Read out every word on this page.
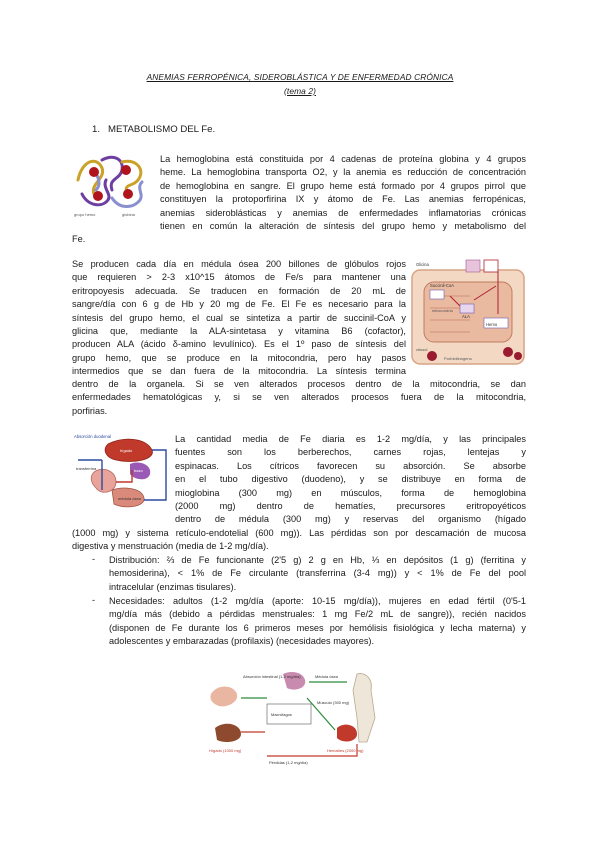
ANEMIAS FERROPÉNICA, SIDEROBLÁSTICA Y DE ENFERMEDAD CRÓNICA
(tema 2)
1. METABOLISMO DEL Fe.
grupo hemo	globina
La hemoglobina está constituida por 4 cadenas de proteína globina y 4 grupos
heme. La hemoglobina transporta O2, y la anemia es reducción de concentración
de hemoglobina en sangre. El grupo heme está formado por 4 grupos pirrol que
constituyen la protoporfirina IX y átomo de Fe. Las anemias ferropénicas,
anemias sideroblásticas y anemias de enfermedades inflamatorias crónicas
tienen en común la alteración de síntesis del grupo hemo y metabolismo del
Fe.
Glicina
Succinil-CoA
ALA
Hemo
mitocondria
citosol
Porfobilinógeno
Se producen cada día en médula ósea 200 billones de glóbulos rojos
que requieren > 2-3 x10^15 átomos de Fe/s para mantener una
eritropoyesis adecuada. Se traducen en formación de 20 mL de
sangre/día con 6 g de Hb y 20 mg de Fe. El Fe es necesario para la
síntesis del grupo hemo, el cual se sintetiza a partir de succinil-CoA y
glicina que, mediante la ALA-sintetasa y vitamina B6 (cofactor),
producen ALA (ácido δ-amino levulínico). Es el 1º paso de síntesis del
grupo hemo, que se produce en la mitocondria, pero hay pasos
intermedios que se dan fuera de la mitocondria. La síntesis termina
dentro de la organela. Si se ven alterados procesos dentro de la mitocondria, se dan
enfermedades hematológicas y, si se ven alterados procesos fuera de la mitocondria,
porfirias.
Absorción duodenal
hígado
bazo
médula ósea
transferrina
La cantidad media de Fe diaria es 1-2 mg/día, y las principales
fuentes son los berberechos, carnes rojas, lentejas y
espinacas. Los cítricos favorecen su absorción. Se absorbe
en el tubo digestivo (duodeno), y se distribuye en forma de
mioglobina (300 mg) en músculos, forma de hemoglobina
(2000 mg) dentro de hematíes, precursores eritropoyéticos
dentro de médula (300 mg) y reservas del organismo (hígado
(1000 mg) y sistema retículo-endotelial (600 mg)). Las pérdidas son por descamación de mucosa
digestiva y menstruación (media de 1-2 mg/día).
- Distribución: ⅔ de Fe funcionante (2'5 g) 2 g en Hb, ⅓ en depósitos (1 g) (ferritina y
hemosiderina), < 1% de Fe circulante (transferrina (3-4 mg)) y < 1% de Fe del pool
intracelular (enzimas tisulares).
- Necesidades: adultos (1-2 mg/día (aporte: 10-15 mg/día)), mujeres en edad fértil (0'5-1
mg/día más (debido a pérdidas menstruales: 1 mg Fe/2 mL de sangre)), recién nacidos
(disponen de Fe durante los 6 primeros meses por hemólisis fisiológica y lecha materna) y
adolescentes y embarazadas (profilaxis) (necesidades mayores).
Absorción intestinal (1-2 mg/día)
Hígado (1000 mg)
Médula ósea
Músculo (300 mg)
Macrófagos
Hematíes (2000 mg)
Pérdidas (1-2 mg/día)
